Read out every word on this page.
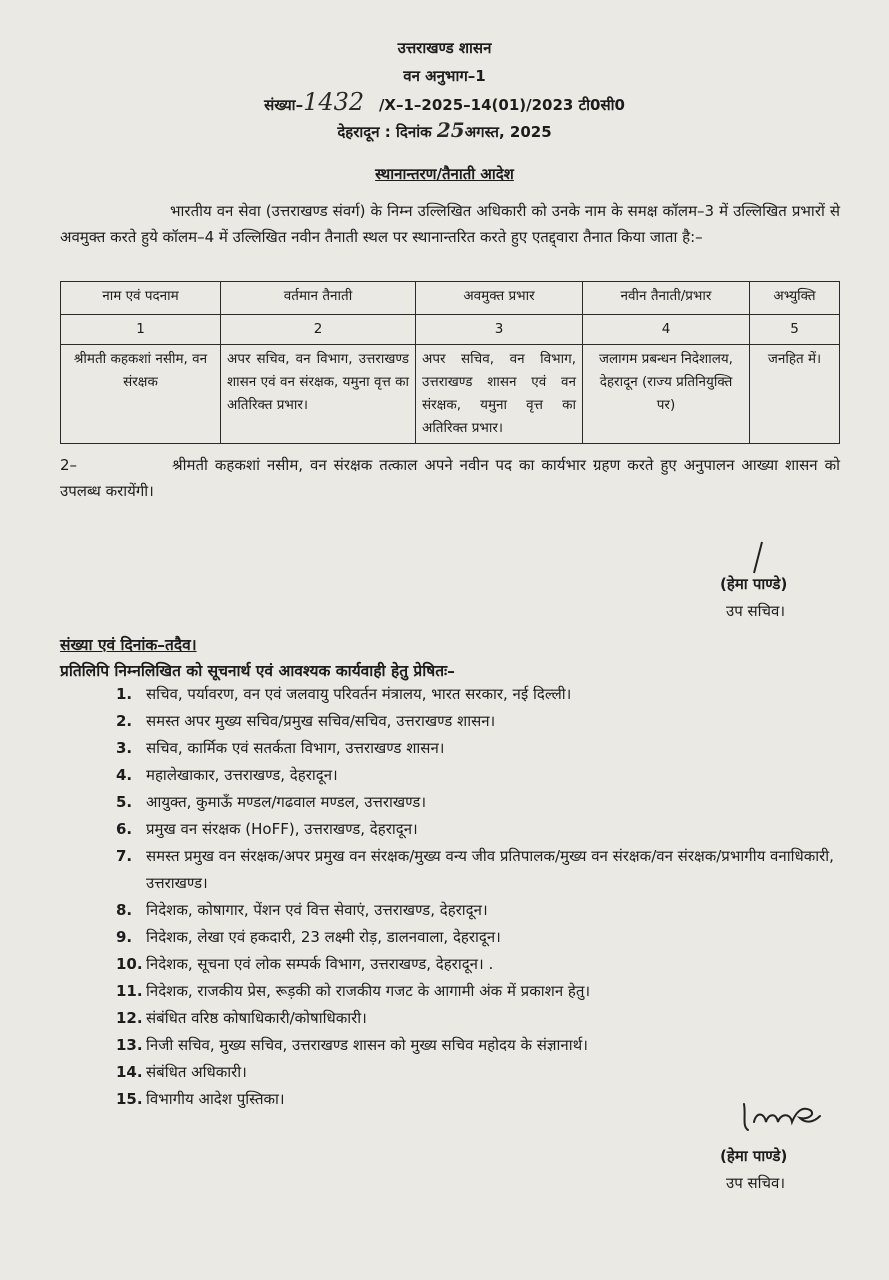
उत्तराखण्ड शासन
वन अनुभाग–1
संख्या–1432 /X–1–2025–14(01)/2023 टी0सी0
देहरादून : दिनांक 25अगस्त, 2025
स्थानान्तरण/तैनाती आदेश
भारतीय वन सेवा (उत्तराखण्ड संवर्ग) के निम्न उल्लिखित अधिकारी को उनके नाम के समक्ष कॉलम–3 में उल्लिखित प्रभारों से अवमुक्त करते हुये कॉलम–4 में उल्लिखित नवीन तैनाती स्थल पर स्थानान्तरित करते हुए एतद्द्वारा तैनात किया जाता है:–
नाम एवं पदनाम	वर्तमान तैनाती	अवमुक्त प्रभार	नवीन तैनाती/प्रभार	अभ्युक्ति
1	2	3	4	5
श्रीमती कहकशां नसीम, वन संरक्षक	अपर सचिव, वन विभाग, उत्तराखण्ड शासन एवं वन संरक्षक, यमुना वृत्त का अतिरिक्त प्रभार।	अपर सचिव, वन विभाग, उत्तराखण्ड शासन एवं वन संरक्षक, यमुना वृत्त का अतिरिक्त प्रभार।	जलागम प्रबन्धन निदेशालय, देहरादून (राज्य प्रतिनियुक्ति पर)	जनहित में।
2–	श्रीमती कहकशां नसीम, वन संरक्षक तत्काल अपने नवीन पद का कार्यभार ग्रहण करते हुए अनुपालन आख्या शासन को उपलब्ध करायेंगी।
(हेमा पाण्डे)
उप सचिव।
संख्या एवं दिनांक–तदैव।
प्रतिलिपि निम्नलिखित को सूचनार्थ एवं आवश्यक कार्यवाही हेतु प्रेषितः–
1. सचिव, पर्यावरण, वन एवं जलवायु परिवर्तन मंत्रालय, भारत सरकार, नई दिल्ली।
2. समस्त अपर मुख्य सचिव/प्रमुख सचिव/सचिव, उत्तराखण्ड शासन।
3. सचिव, कार्मिक एवं सतर्कता विभाग, उत्तराखण्ड शासन।
4. महालेखाकार, उत्तराखण्ड, देहरादून।
5. आयुक्त, कुमाऊँ मण्डल/गढवाल मण्डल, उत्तराखण्ड।
6. प्रमुख वन संरक्षक (HoFF), उत्तराखण्ड, देहरादून।
7. समस्त प्रमुख वन संरक्षक/अपर प्रमुख वन संरक्षक/मुख्य वन्य जीव प्रतिपालक/मुख्य वन संरक्षक/वन संरक्षक/प्रभागीय वनाधिकारी, उत्तराखण्ड।
8. निदेशक, कोषागार, पेंशन एवं वित्त सेवाएं, उत्तराखण्ड, देहरादून।
9. निदेशक, लेखा एवं हकदारी, 23 लक्ष्मी रोड़, डालनवाला, देहरादून।
10. निदेशक, सूचना एवं लोक सम्पर्क विभाग, उत्तराखण्ड, देहरादून। .
11. निदेशक, राजकीय प्रेस, रूड़की को राजकीय गजट के आगामी अंक में प्रकाशन हेतु।
12. संबंधित वरिष्ठ कोषाधिकारी/कोषाधिकारी।
13. निजी सचिव, मुख्य सचिव, उत्तराखण्ड शासन को मुख्य सचिव महोदय के संज्ञानार्थ।
14. संबंधित अधिकारी।
15. विभागीय आदेश पुस्तिका।
(हेमा पाण्डे)
उप सचिव।
